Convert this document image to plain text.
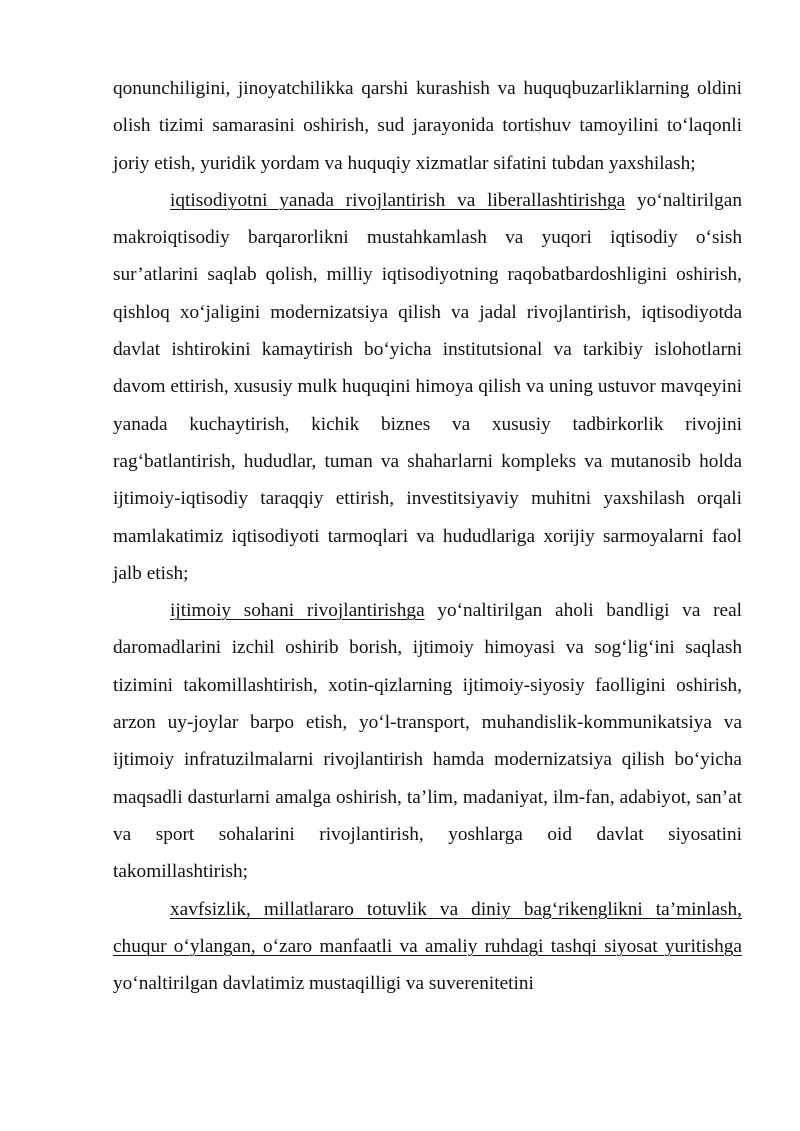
qonunchiligini, jinoyatchilikka qarshi kurashish va huquqbuzarliklarning oldini olish tizimi samarasini oshirish, sud jarayonida tortishuv tamoyilini to‘laqonli joriy etish, yuridik yordam va huquqiy xizmatlar sifatini tubdan yaxshilash;

iqtisodiyotni yanada rivojlantirish va liberallashtirishga yo‘naltirilgan makroiqtisodiy barqarorlikni mustahkamlash va yuqori iqtisodiy o‘sish sur’atlarini saqlab qolish, milliy iqtisodiyotning raqobatbardoshligini oshirish, qishloq xo‘jaligini modernizatsiya qilish va jadal rivojlantirish, iqtisodiyotda davlat ishtirokini kamaytirish bo‘yicha institutsional va tarkibiy islohotlarni davom ettirish, xususiy mulk huquqini himoya qilish va uning ustuvor mavqeyini yanada kuchaytirish, kichik biznes va xususiy tadbirkorlik rivojini rag‘batlantirish, hududlar, tuman va shaharlarni kompleks va mutanosib holda ijtimoiy-iqtisodiy taraqqiy ettirish, investitsiyaviy muhitni yaxshilash orqali mamlakatimiz iqtisodiyoti tarmoqlari va hududlariga xorijiy sarmoyalarni faol jalb etish;

ijtimoiy sohani rivojlantirishga yo‘naltirilgan aholi bandligi va real daromadlarini izchil oshirib borish, ijtimoiy himoyasi va sog‘lig‘ini saqlash tizimini takomillashtirish, xotin-qizlarning ijtimoiy-siyosiy faolligini oshirish, arzon uy-joylar barpo etish, yo‘l-transport, muhandislik-kommunikatsiya va ijtimoiy infratuzilmalarni rivojlantirish hamda modernizatsiya qilish bo‘yicha maqsadli dasturlarni amalga oshirish, ta’lim, madaniyat, ilm-fan, adabiyot, san’at va sport sohalarini rivojlantirish, yoshlarga oid davlat siyosatini takomillashtirish;

xavfsizlik, millatlararo totuvlik va diniy bag‘rikenglikni ta’minlash, chuqur o‘ylangan, o‘zaro manfaatli va amaliy ruhdagi tashqi siyosat yuritishga yo‘naltirilgan davlatimiz mustaqilligi va suverenitetini
